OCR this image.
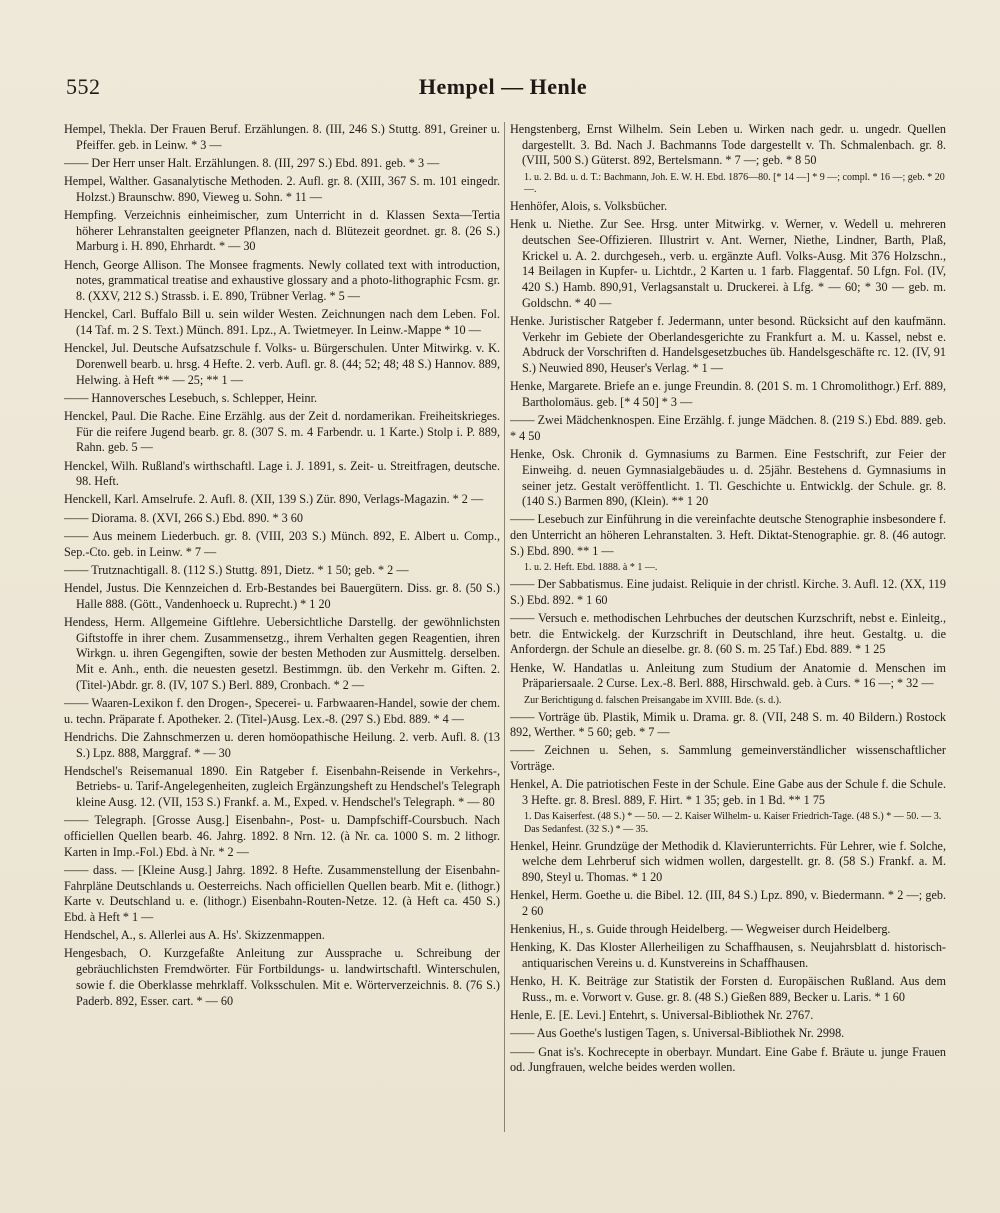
552	Hempel — Henle

Hempel, Thekla. Der Frauen Beruf. Erzählungen. 8. (III, 246 S.) Stuttg. 891, Greiner u. Pfeiffer. geb. in Leinw. * 3 —

—— Der Herr unser Halt. Erzählungen. 8. (III, 297 S.) Ebd. 891. geb. * 3 —

Hempel, Walther. Gasanalytische Methoden. 2. Aufl. gr. 8. (XIII, 367 S. m. 101 eingedr. Holzst.) Braunschw. 890, Vieweg u. Sohn. * 11 —

Hempfing. Verzeichnis einheimischer, zum Unterricht in d. Klassen Sexta—Tertia höherer Lehranstalten geeigneter Pflanzen, nach d. Blütezeit geordnet. gr. 8. (26 S.) Marburg i. H. 890, Ehrhardt. * — 30

Hench, George Allison. The Monsee fragments. Newly collated text with introduction, notes, grammatical treatise and exhaustive glossary and a photo-lithographic Fcsm. gr. 8. (XXV, 212 S.) Strassb. i. E. 890, Trübner Verlag. * 5 —

Henckel, Carl. Buffalo Bill u. sein wilder Westen. Zeichnungen nach dem Leben. Fol. (14 Taf. m. 2 S. Text.) Münch. 891. Lpz., A. Twietmeyer. In Leinw.-Mappe * 10 —

Henckel, Jul. Deutsche Aufsatzschule f. Volks- u. Bürgerschulen. Unter Mitwirkg. v. K. Dorenwell bearb. u. hrsg. 4 Hefte. 2. verb. Aufl. gr. 8. (44; 52; 48; 48 S.) Hannov. 889, Helwing. à Heft ** — 25; ** 1 —

—— Hannoversches Lesebuch, s. Schlepper, Heinr.

Henckel, Paul. Die Rache. Eine Erzählg. aus der Zeit d. nordamerikan. Freiheitskrieges. Für die reifere Jugend bearb. gr. 8. (307 S. m. 4 Farbendr. u. 1 Karte.) Stolp i. P. 889, Rahn. geb. 5 —

Henckel, Wilh. Rußland's wirthschaftl. Lage i. J. 1891, s. Zeit- u. Streitfragen, deutsche. 98. Heft.

Henckell, Karl. Amselrufe. 2. Aufl. 8. (XII, 139 S.) Zür. 890, Verlags-Magazin. * 2 —

—— Diorama. 8. (XVI, 266 S.) Ebd. 890. * 3 60

—— Aus meinem Liederbuch. gr. 8. (VIII, 203 S.) Münch. 892, E. Albert u. Comp., Sep.-Cto. geb. in Leinw. * 7 —

—— Trutznachtigall. 8. (112 S.) Stuttg. 891, Dietz. * 1 50; geb. * 2 —

Hendel, Justus. Die Kennzeichen d. Erb-Bestandes bei Bauergütern. Diss. gr. 8. (50 S.) Halle 888. (Gött., Vandenhoeck u. Ruprecht.) * 1 20

Hendess, Herm. Allgemeine Giftlehre. Uebersichtliche Darstellg. der gewöhnlichsten Giftstoffe in ihrer chem. Zusammensetzg., ihrem Verhalten gegen Reagentien, ihren Wirkgn. u. ihren Gegengiften, sowie der besten Methoden zur Ausmittelg. derselben. Mit e. Anh., enth. die neuesten gesetzl. Bestimmgn. üb. den Verkehr m. Giften. 2. (Titel-)Abdr. gr. 8. (IV, 107 S.) Berl. 889, Cronbach. * 2 —

—— Waaren-Lexikon f. den Drogen-, Specerei- u. Farbwaaren-Handel, sowie der chem. u. techn. Präparate f. Apotheker. 2. (Titel-)Ausg. Lex.-8. (297 S.) Ebd. 889. * 4 —

Hendrichs. Die Zahnschmerzen u. deren homöopathische Heilung. 2. verb. Aufl. 8. (13 S.) Lpz. 888, Marggraf. * — 30

Hendschel's Reisemanual 1890. Ein Ratgeber f. Eisenbahn-Reisende in Verkehrs-, Betriebs- u. Tarif-Angelegenheiten, zugleich Ergänzungsheft zu Hendschel's Telegraph kleine Ausg. 12. (VII, 153 S.) Frankf. a. M., Exped. v. Hendschel's Telegraph. * — 80

—— Telegraph. [Grosse Ausg.] Eisenbahn-, Post- u. Dampfschiff-Coursbuch. Nach officiellen Quellen bearb. 46. Jahrg. 1892. 8 Nrn. 12. (à Nr. ca. 1000 S. m. 2 lithogr. Karten in Imp.-Fol.) Ebd. à Nr. * 2 —

—— dass. — [Kleine Ausg.] Jahrg. 1892. 8 Hefte. Zusammenstellung der Eisenbahn-Fahrpläne Deutschlands u. Oesterreichs. Nach officiellen Quellen bearb. Mit e. (lithogr.) Karte v. Deutschland u. e. (lithogr.) Eisenbahn-Routen-Netze. 12. (à Heft ca. 450 S.) Ebd. à Heft * 1 —

Hendschel, A., s. Allerlei aus A. Hs'. Skizzenmappen.

Hengesbach, O. Kurzgefaßte Anleitung zur Aussprache u. Schreibung der gebräuchlichsten Fremdwörter. Für Fortbildungs- u. landwirtschaftl. Winterschulen, sowie f. die Oberklasse mehrklaff. Volksschulen. Mit e. Wörterverzeichnis. 8. (76 S.) Paderb. 892, Esser. cart. * — 60

Hengstenberg, Ernst Wilhelm. Sein Leben u. Wirken nach gedr. u. ungedr. Quellen dargestellt. 3. Bd. Nach J. Bachmanns Tode dargestellt v. Th. Schmalenbach. gr. 8. (VIII, 500 S.) Güterst. 892, Bertelsmann. * 7 —; geb. * 8 50

1. u. 2. Bd. u. d. T.: Bachmann, Joh. E. W. H. Ebd. 1876—80. [* 14 —] * 9 —; compl. * 16 —; geb. * 20 —.

Henhöfer, Alois, s. Volksbücher.

Henk u. Niethe. Zur See. Hrsg. unter Mitwirkg. v. Werner, v. Wedell u. mehreren deutschen See-Offizieren. Illustrirt v. Ant. Werner, Niethe, Lindner, Barth, Plaß, Krickel u. A. 2. durchgeseh., verb. u. ergänzte Aufl. Volks-Ausg. Mit 376 Holzschn., 14 Beilagen in Kupfer- u. Lichtdr., 2 Karten u. 1 farb. Flaggentaf. 50 Lfgn. Fol. (IV, 420 S.) Hamb. 890,91, Verlagsanstalt u. Druckerei. à Lfg. * — 60; * 30 — geb. m. Goldschn. * 40 —

Henke. Juristischer Ratgeber f. Jedermann, unter besond. Rücksicht auf den kaufmänn. Verkehr im Gebiete der Oberlandesgerichte zu Frankfurt a. M. u. Kassel, nebst e. Abdruck der Vorschriften d. Handelsgesetzbuches üb. Handelsgeschäfte rc. 12. (IV, 91 S.) Neuwied 890, Heuser's Verlag. * 1 —

Henke, Margarete. Briefe an e. junge Freundin. 8. (201 S. m. 1 Chromolithogr.) Erf. 889, Bartholomäus. geb. [* 4 50] * 3 —

—— Zwei Mädchenknospen. Eine Erzählg. f. junge Mädchen. 8. (219 S.) Ebd. 889. geb. * 4 50

Henke, Osk. Chronik d. Gymnasiums zu Barmen. Eine Festschrift, zur Feier der Einweihg. d. neuen Gymnasialgebäudes u. d. 25jähr. Bestehens d. Gymnasiums in seiner jetz. Gestalt veröffentlicht. 1. Tl. Geschichte u. Entwicklg. der Schule. gr. 8. (140 S.) Barmen 890, (Klein). ** 1 20

—— Lesebuch zur Einführung in die vereinfachte deutsche Stenographie insbesondere f. den Unterricht an höheren Lehranstalten. 3. Heft. Diktat-Stenographie. gr. 8. (46 autogr. S.) Ebd. 890. ** 1 —

1. u. 2. Heft. Ebd. 1888. à * 1 —.

—— Der Sabbatismus. Eine judaist. Reliquie in der christl. Kirche. 3. Aufl. 12. (XX, 119 S.) Ebd. 892. * 1 60

—— Versuch e. methodischen Lehrbuches der deutschen Kurzschrift, nebst e. Einleitg., betr. die Entwickelg. der Kurzschrift in Deutschland, ihre heut. Gestaltg. u. die Anfordergn. der Schule an dieselbe. gr. 8. (60 S. m. 25 Taf.) Ebd. 889. * 1 25

Henke, W. Handatlas u. Anleitung zum Studium der Anatomie d. Menschen im Präpariersaale. 2 Curse. Lex.-8. Berl. 888, Hirschwald. geb. à Curs. * 16 —; * 32 —

Zur Berichtigung d. falschen Preisangabe im XVIII. Bde. (s. d.).

—— Vorträge üb. Plastik, Mimik u. Drama. gr. 8. (VII, 248 S. m. 40 Bildern.) Rostock 892, Werther. * 5 60; geb. * 7 —

—— Zeichnen u. Sehen, s. Sammlung gemeinverständlicher wissenschaftlicher Vorträge.

Henkel, A. Die patriotischen Feste in der Schule. Eine Gabe aus der Schule f. die Schule. 3 Hefte. gr. 8. Bresl. 889, F. Hirt. * 1 35; geb. in 1 Bd. ** 1 75

1. Das Kaiserfest. (48 S.) * — 50. — 2. Kaiser Wilhelm- u. Kaiser Friedrich-Tage. (48 S.) * — 50. — 3. Das Sedanfest. (32 S.) * — 35.

Henkel, Heinr. Grundzüge der Methodik d. Klavierunterrichts. Für Lehrer, wie f. Solche, welche dem Lehrberuf sich widmen wollen, dargestellt. gr. 8. (58 S.) Frankf. a. M. 890, Steyl u. Thomas. * 1 20

Henkel, Herm. Goethe u. die Bibel. 12. (III, 84 S.) Lpz. 890, v. Biedermann. * 2 —; geb. 2 60

Henkenius, H., s. Guide through Heidelberg. — Wegweiser durch Heidelberg.

Henking, K. Das Kloster Allerheiligen zu Schaffhausen, s. Neujahrsblatt d. historisch-antiquarischen Vereins u. d. Kunstvereins in Schaffhausen.

Henko, H. K. Beiträge zur Statistik der Forsten d. Europäischen Rußland. Aus dem Russ., m. e. Vorwort v. Guse. gr. 8. (48 S.) Gießen 889, Becker u. Laris. * 1 60

Henle, E. [E. Levi.] Entehrt, s. Universal-Bibliothek Nr. 2767.

—— Aus Goethe's lustigen Tagen, s. Universal-Bibliothek Nr. 2998.

—— Gnat is's. Kochrecepte in oberbayr. Mundart. Eine Gabe f. Bräute u. junge Frauen od. Jungfrauen, welche beides werden wollen.
